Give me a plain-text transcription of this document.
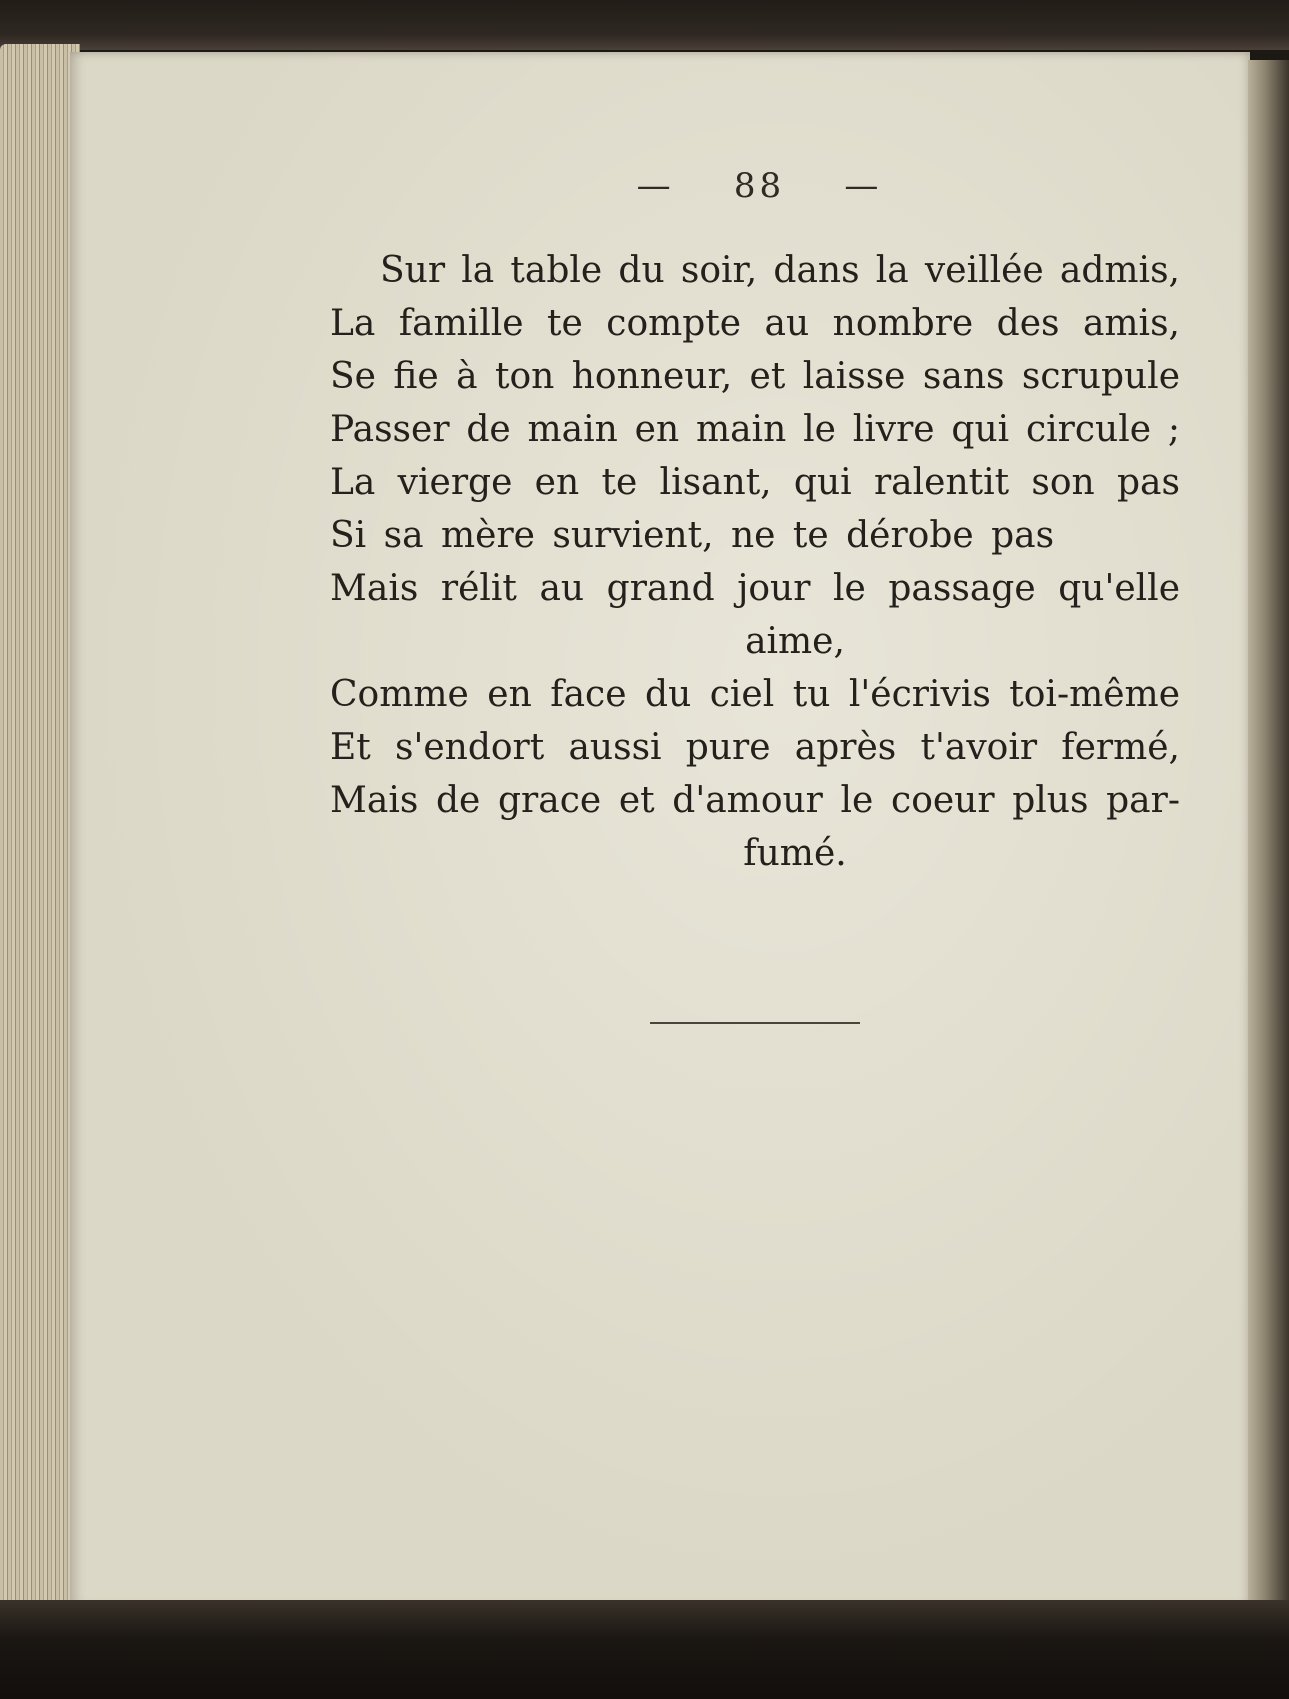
— 88 —
Sur la table du soir, dans la veillée admis,
La famille te compte au nombre des amis,
Se fie à ton honneur, et laisse sans scrupule
Passer de main en main le livre qui circule ;
La vierge en te lisant, qui ralentit son pas
Si sa mère survient, ne te dérobe pas
Mais rélit au grand jour le passage qu'elle
aime,
Comme en face du ciel tu l'écrivis toi-même
Et s'endort aussi pure après t'avoir fermé,
Mais de grace et d'amour le coeur plus par-
fumé.
